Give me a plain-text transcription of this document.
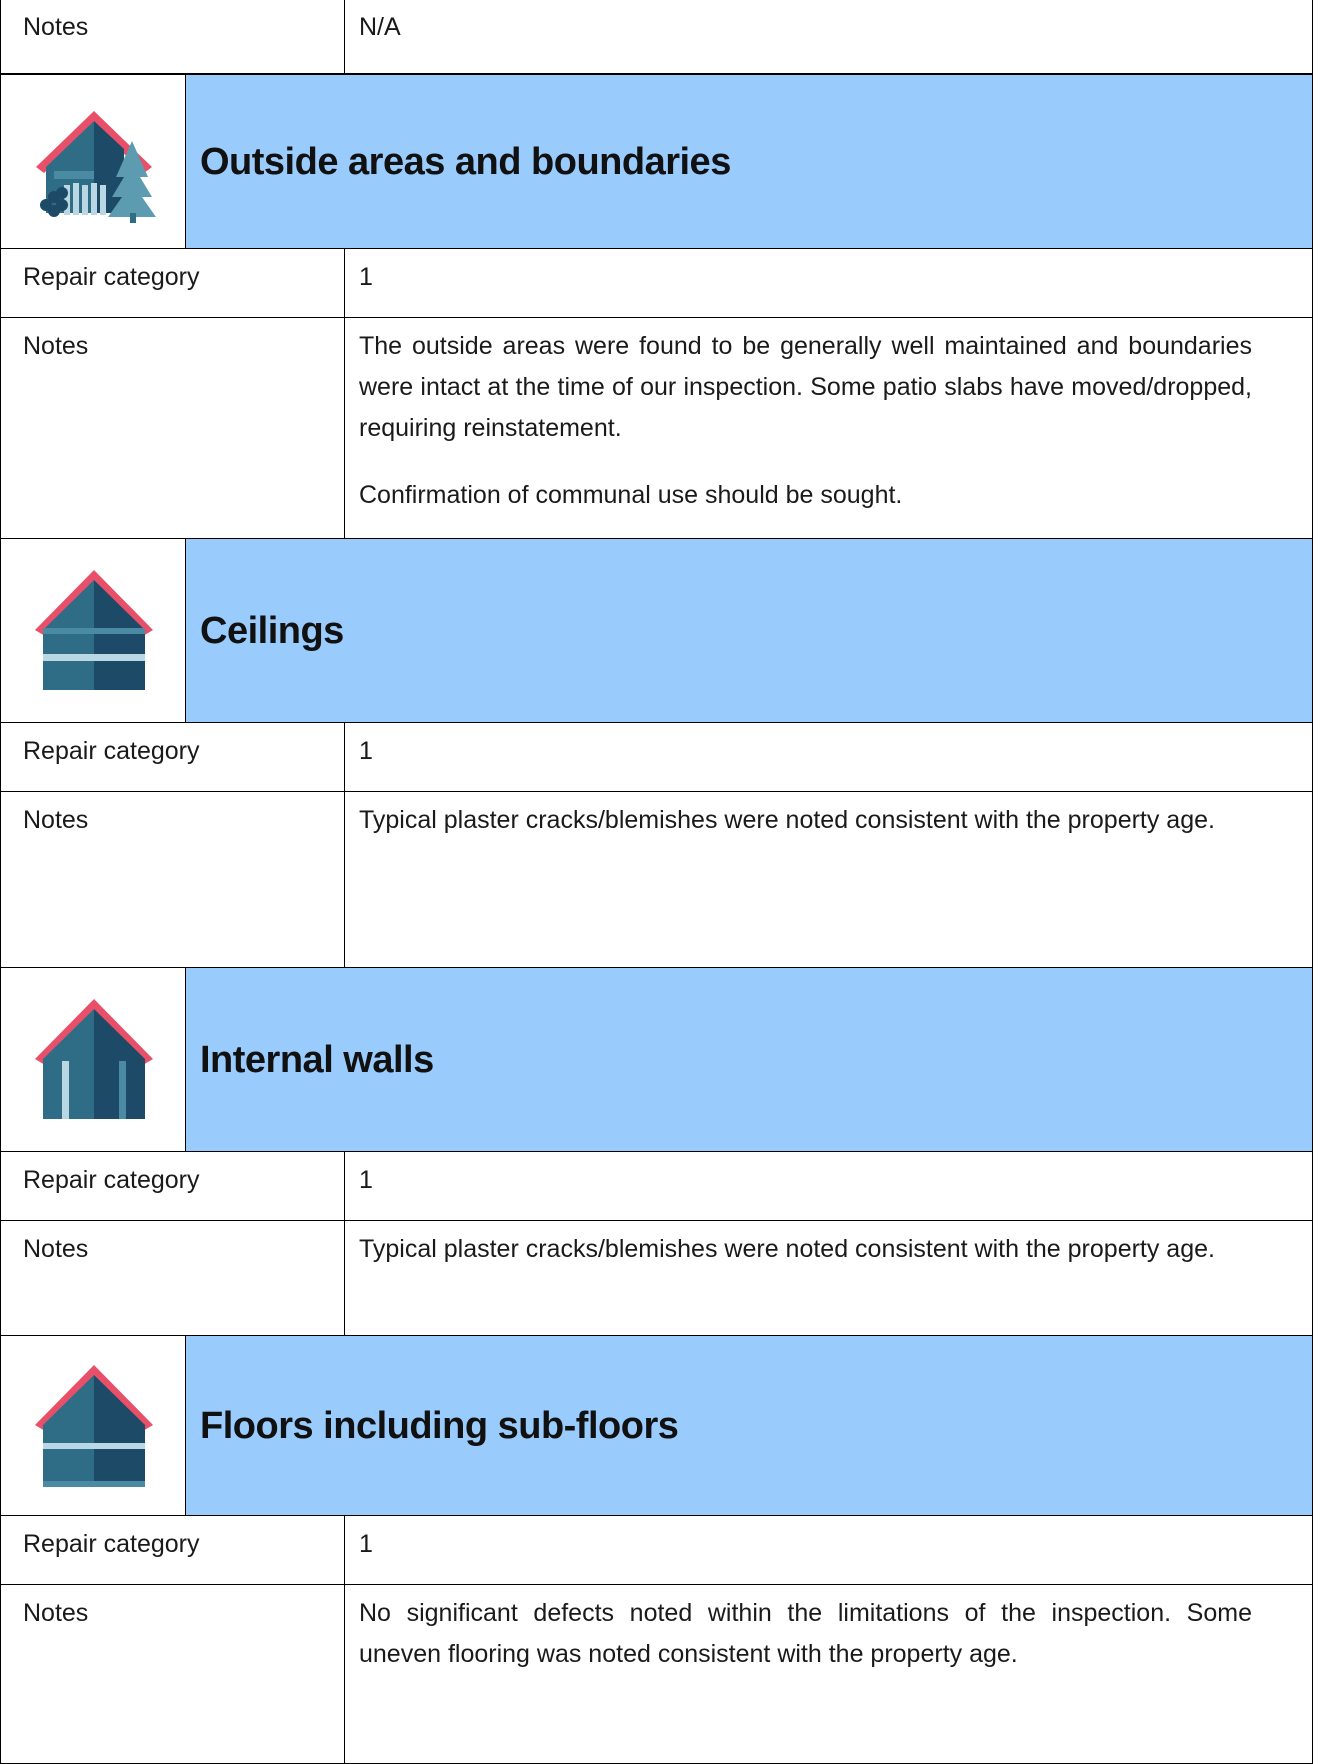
Notes	N/A

Outside areas and boundaries
Repair category	1
Notes	The outside areas were found to be generally well maintained and boundaries were intact at the time of our inspection. Some patio slabs have moved/dropped, requiring reinstatement.

Confirmation of communal use should be sought.

Ceilings
Repair category	1
Notes	Typical plaster cracks/blemishes were noted consistent with the property age.

Internal walls
Repair category	1
Notes	Typical plaster cracks/blemishes were noted consistent with the property age.

Floors including sub-floors
Repair category	1
Notes	No significant defects noted within the limitations of the inspection. Some uneven flooring was noted consistent with the property age.
